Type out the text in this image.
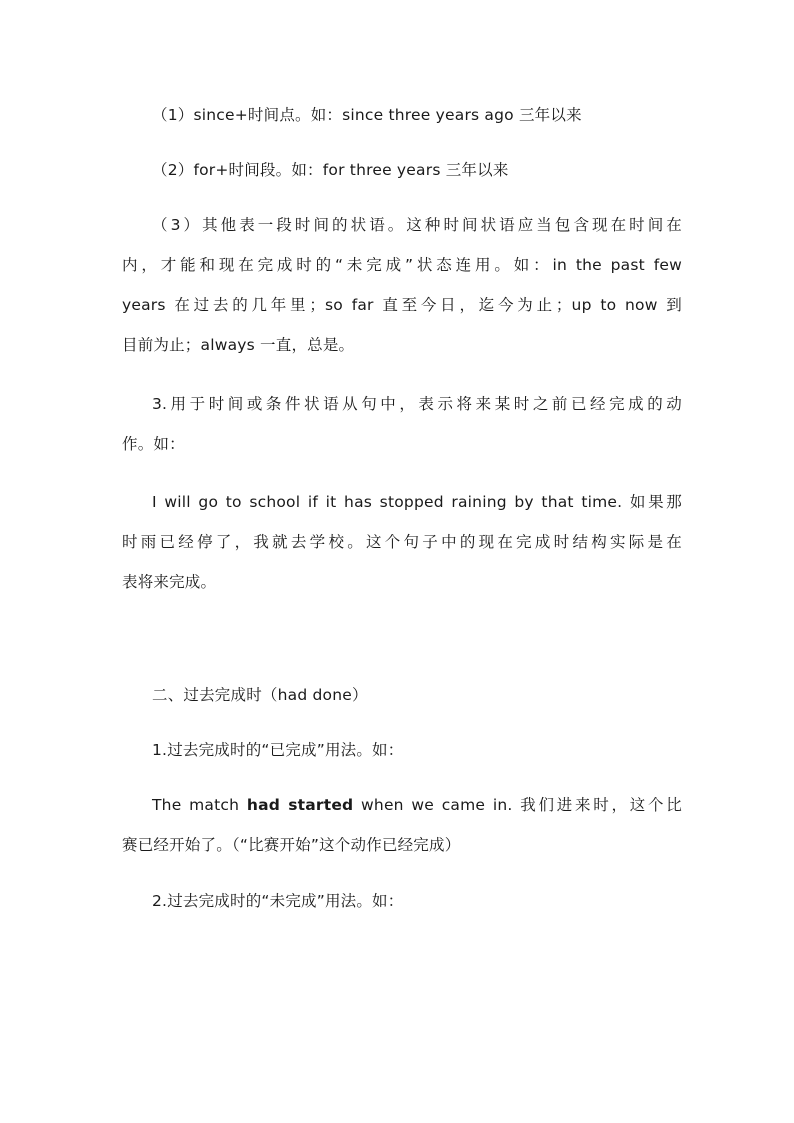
（1）since+时间点。如：since three years ago 三年以来

（2）for+时间段。如：for three years 三年以来

（3）其他表一段时间的状语。这种时间状语应当包含现在时间在
内，才能和现在完成时的“未完成”状态连用。如：in the past few
years 在过去的几年里；so far 直至今日，迄今为止；up to now 到
目前为止；always 一直，总是。

3.用于时间或条件状语从句中，表示将来某时之前已经完成的动
作。如：

I will go to school if it has stopped raining by that time. 如果那
时雨已经停了，我就去学校。这个句子中的现在完成时结构实际是在
表将来完成。

二、过去完成时（had done）

1.过去完成时的“已完成”用法。如：

The match had started when we came in. 我们进来时，这个比
赛已经开始了。（“比赛开始”这个动作已经完成）

2.过去完成时的“未完成”用法。如：
